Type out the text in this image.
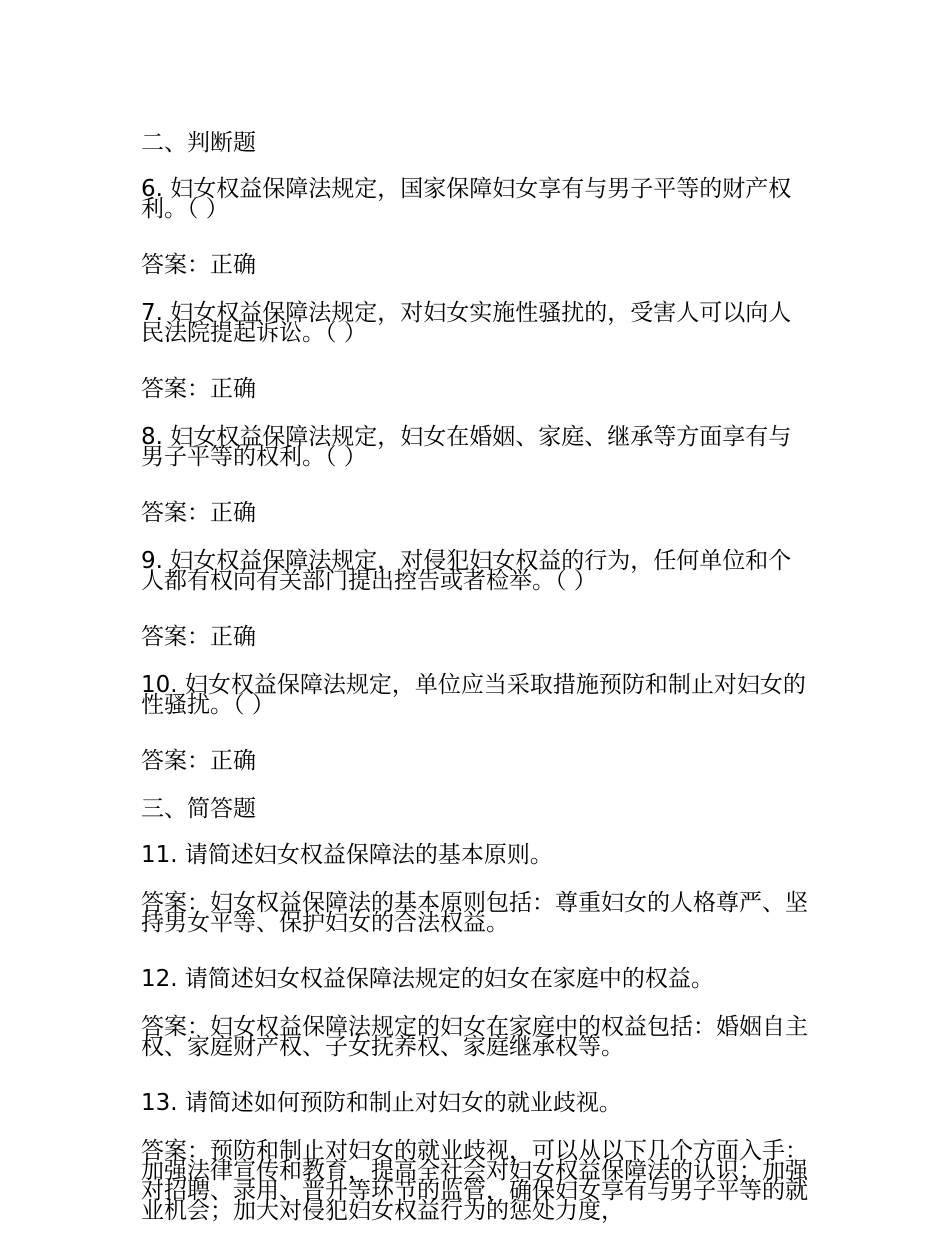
二、判断题
6. 妇女权益保障法规定，国家保障妇女享有与男子平等的财产权利。（ ）
答案：正确
7. 妇女权益保障法规定，对妇女实施性骚扰的，受害人可以向人民法院提起诉讼。（ ）
答案：正确
8. 妇女权益保障法规定，妇女在婚姻、家庭、继承等方面享有与男子平等的权利。（ ）
答案：正确
9. 妇女权益保障法规定，对侵犯妇女权益的行为，任何单位和个人都有权向有关部门提出控告或者检举。（ ）
答案：正确
10. 妇女权益保障法规定，单位应当采取措施预防和制止对妇女的性骚扰。（ ）
答案：正确
三、简答题
11. 请简述妇女权益保障法的基本原则。
答案：妇女权益保障法的基本原则包括：尊重妇女的人格尊严、坚持男女平等、保护妇女的合法权益。
12. 请简述妇女权益保障法规定的妇女在家庭中的权益。
答案：妇女权益保障法规定的妇女在家庭中的权益包括：婚姻自主权、家庭财产权、子女抚养权、家庭继承权等。
13. 请简述如何预防和制止对妇女的就业歧视。
答案：预防和制止对妇女的就业歧视，可以从以下几个方面入手：加强法律宣传和教育，提高全社会对妇女权益保障法的认识；加强对招聘、录用、晋升等环节的监管，确保妇女享有与男子平等的就业机会；加大对侵犯妇女权益行为的惩处力度，
